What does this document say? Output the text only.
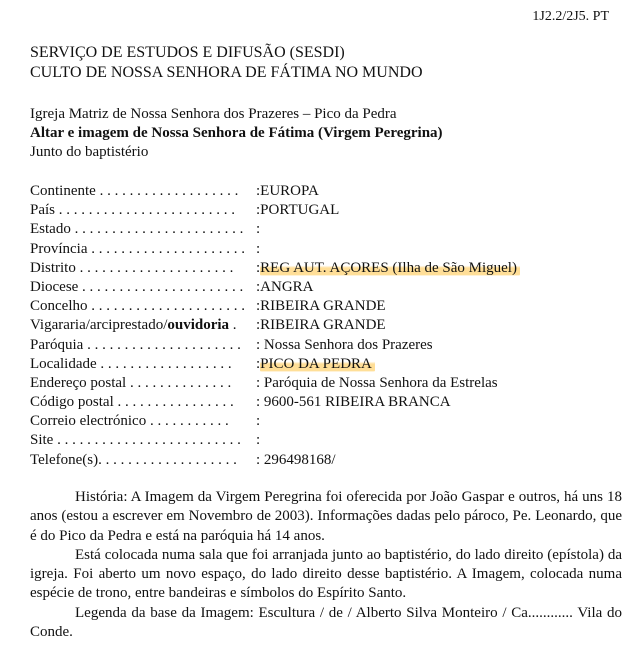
1J2.2/2J5. PT
SERVIÇO DE ESTUDOS E DIFUSÃO (SESDI)
CULTO DE NOSSA SENHORA DE FÁTIMA NO MUNDO
Igreja Matriz de Nossa Senhora dos Prazeres – Pico da Pedra
Altar e imagem de Nossa Senhora de Fátima (Virgem Peregrina)
Junto do baptistério
Continente . . . . . . . . . . . . . . . . . . . :EUROPA
País . . . . . . . . . . . . . . . . . . . . . . . . :PORTUGAL
Estado . . . . . . . . . . . . . . . . . . . . . . . :
Província . . . . . . . . . . . . . . . . . . . . . :
Distrito . . . . . . . . . . . . . . . . . . . . . :REG AUT. AÇORES (Ilha de São Miguel)
Diocese . . . . . . . . . . . . . . . . . . . . . . :ANGRA
Concelho . . . . . . . . . . . . . . . . . . . . . :RIBEIRA GRANDE
Vigararia/arciprestado/ouvidoria . :RIBEIRA GRANDE
Paróquia . . . . . . . . . . . . . . . . . . . . . : Nossa Senhora dos Prazeres
Localidade . . . . . . . . . . . . . . . . . . :PICO DA PEDRA
Endereço postal . . . . . . . . . . . . . . : Paróquia de Nossa Senhora da Estrelas
Código postal . . . . . . . . . . . . . . . . : 9600-561 RIBEIRA BRANCA
Correio electrónico . . . . . . . . . . . :
Site . . . . . . . . . . . . . . . . . . . . . . . . . :
Telefone(s). . . . . . . . . . . . . . . . . . . : 296498168/

História: A Imagem da Virgem Peregrina foi oferecida por João Gaspar e outros, há uns 18 anos (estou a escrever em Novembro de 2003). Informações dadas pelo pároco, Pe. Leonardo, que é do Pico da Pedra e está na paróquia há 14 anos.

Está colocada numa sala que foi arranjada junto ao baptistério, do lado direito (epístola) da igreja. Foi aberto um novo espaço, do lado direito desse baptistério. A Imagem, colocada numa espécie de trono, entre bandeiras e símbolos do Espírito Santo.

Legenda da base da Imagem: Escultura / de / Alberto Silva Monteiro / Ca............ Vila do Conde.
